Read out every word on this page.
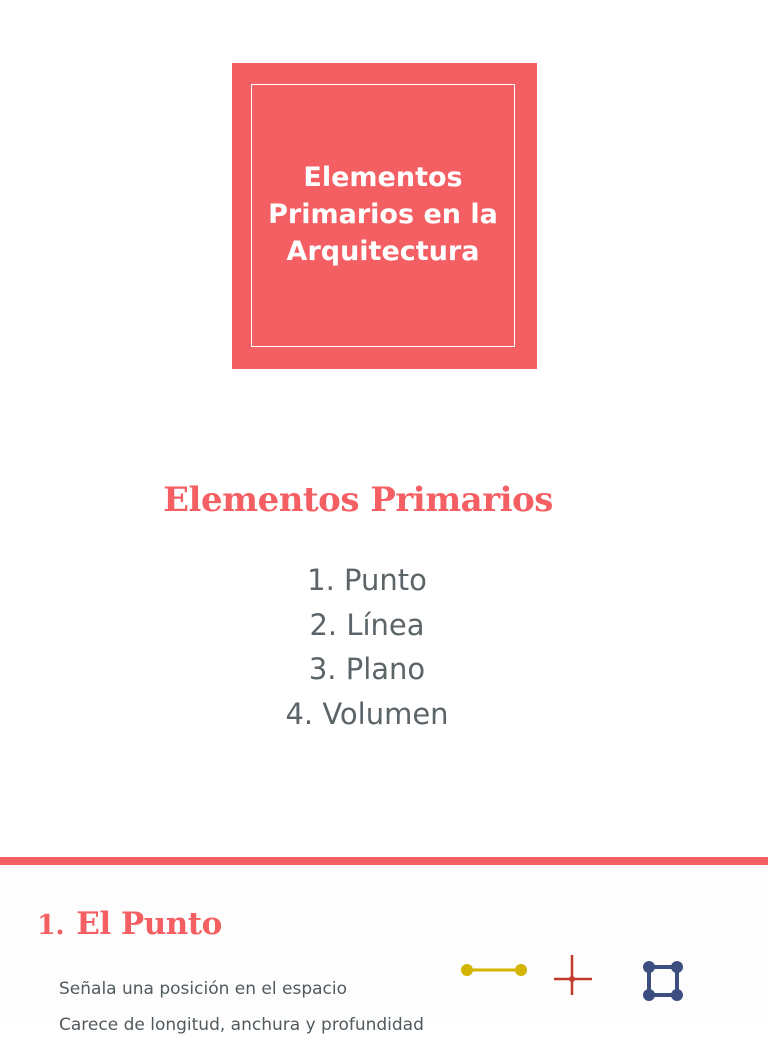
Elementos
Primarios en la
Arquitectura
Elementos Primarios
1. Punto
2. Línea
3. Plano
4. Volumen
1. El Punto
Señala una posición en el espacio
Carece de longitud, anchura y profundidad
